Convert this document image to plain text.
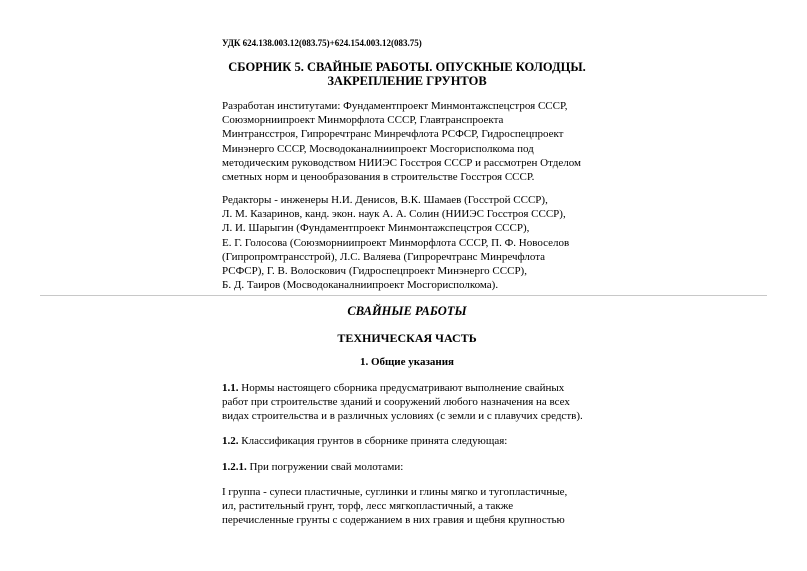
УДК 624.138.003.12(083.75)+624.154.003.12(083.75)
СБОРНИК 5. СВАЙНЫЕ РАБОТЫ. ОПУСКНЫЕ КОЛОДЦЫ.
ЗАКРЕПЛЕНИЕ ГРУНТОВ
Разработан институтами: Фундаментпроект Минмонтажспецстроя СССР,
Союзморниипроект Минморфлота СССР, Главтранспроекта
Минтрансстроя, Гипроречтранс Минречфлота РСФСР, Гидроспецпроект
Минэнерго СССР, Мосводоканалниипроект Мосгорисполкома под
методическим руководством НИИЭС Госстроя СССР и рассмотрен Отделом
сметных норм и ценообразования в строительстве Госстроя СССР.
Редакторы - инженеры Н.И. Денисов, В.К. Шамаев (Госстрой СССР),
Л. М. Казаринов, канд. экон. наук А. А. Солин (НИИЭС Госстроя СССР),
Л. И. Шарыгин (Фундаментпроект Минмонтажспецстроя СССР),
Е. Г. Голосова (Союзморниипроект Минморфлота СССР, П. Ф. Новоселов
(Гипропромтрансстрой), Л.С. Валяева (Гипроречтранс Минречфлота
РСФСР), Г. В. Волоскович (Гидроспецпроект Минэнерго СССР),
Б. Д. Таиров (Мосводоканалниипроект Мосгорисполкома).
СВАЙНЫЕ РАБОТЫ
ТЕХНИЧЕСКАЯ ЧАСТЬ
1. Общие указания
1.1. Нормы настоящего сборника предусматривают выполнение свайных
работ при строительстве зданий и сооружений любого назначения на всех
видах строительства и в различных условиях (с земли и с плавучих средств).
1.2. Классификация грунтов в сборнике принята следующая:
1.2.1. При погружении свай молотами:
I группа - супеси пластичные, суглинки и глины мягко и тугопластичные,
ил, растительный грунт, торф, лесс мягкопластичный, а также
перечисленные грунты с содержанием в них гравия и щебня крупностью
